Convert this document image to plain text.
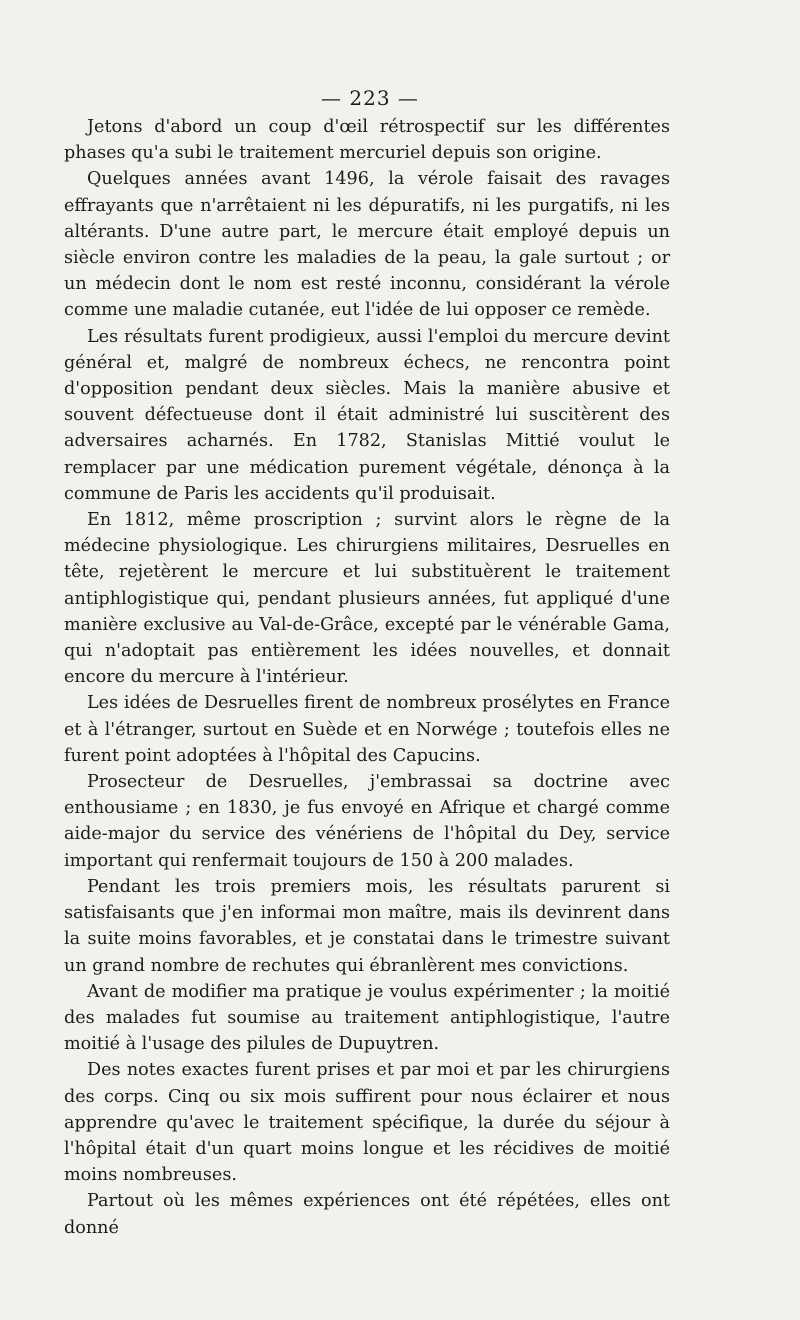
— 223 —

Jetons d'abord un coup d'œil rétrospectif sur les différentes phases qu'a subi le traitement mercuriel depuis son origine.

Quelques années avant 1496, la vérole faisait des ravages effrayants que n'arrêtaient ni les dépuratifs, ni les purgatifs, ni les altérants. D'une autre part, le mercure était employé depuis un siècle environ contre les maladies de la peau, la gale surtout ; or un médecin dont le nom est resté inconnu, considérant la vérole comme une maladie cutanée, eut l'idée de lui opposer ce remède.

Les résultats furent prodigieux, aussi l'emploi du mercure devint général et, malgré de nombreux échecs, ne rencontra point d'opposition pendant deux siècles. Mais la manière abusive et souvent défectueuse dont il était administré lui suscitèrent des adversaires acharnés. En 1782, Stanislas Mittié voulut le remplacer par une médication purement végétale, dénonça à la commune de Paris les accidents qu'il produisait.

En 1812, même proscription ; survint alors le règne de la médecine physiologique. Les chirurgiens militaires, Desruelles en tête, rejetèrent le mercure et lui substituèrent le traitement antiphlogistique qui, pendant plusieurs années, fut appliqué d'une manière exclusive au Val-de-Grâce, excepté par le vénérable Gama, qui n'adoptait pas entièrement les idées nouvelles, et donnait encore du mercure à l'intérieur.

Les idées de Desruelles firent de nombreux prosélytes en France et à l'étranger, surtout en Suède et en Norwége ; toutefois elles ne furent point adoptées à l'hôpital des Capucins.

Prosecteur de Desruelles, j'embrassai sa doctrine avec enthousiame ; en 1830, je fus envoyé en Afrique et chargé comme aide-major du service des vénériens de l'hôpital du Dey, service important qui renfermait toujours de 150 à 200 malades.

Pendant les trois premiers mois, les résultats parurent si satisfaisants que j'en informai mon maître, mais ils devinrent dans la suite moins favorables, et je constatai dans le trimestre suivant un grand nombre de rechutes qui ébranlèrent mes convictions.

Avant de modifier ma pratique je voulus expérimenter ; la moitié des malades fut soumise au traitement antiphlogistique, l'autre moitié à l'usage des pilules de Dupuytren.

Des notes exactes furent prises et par moi et par les chirurgiens des corps. Cinq ou six mois suffirent pour nous éclairer et nous apprendre qu'avec le traitement spécifique, la durée du séjour à l'hôpital était d'un quart moins longue et les récidives de moitié moins nombreuses.

Partout où les mêmes expériences ont été répétées, elles ont donné
